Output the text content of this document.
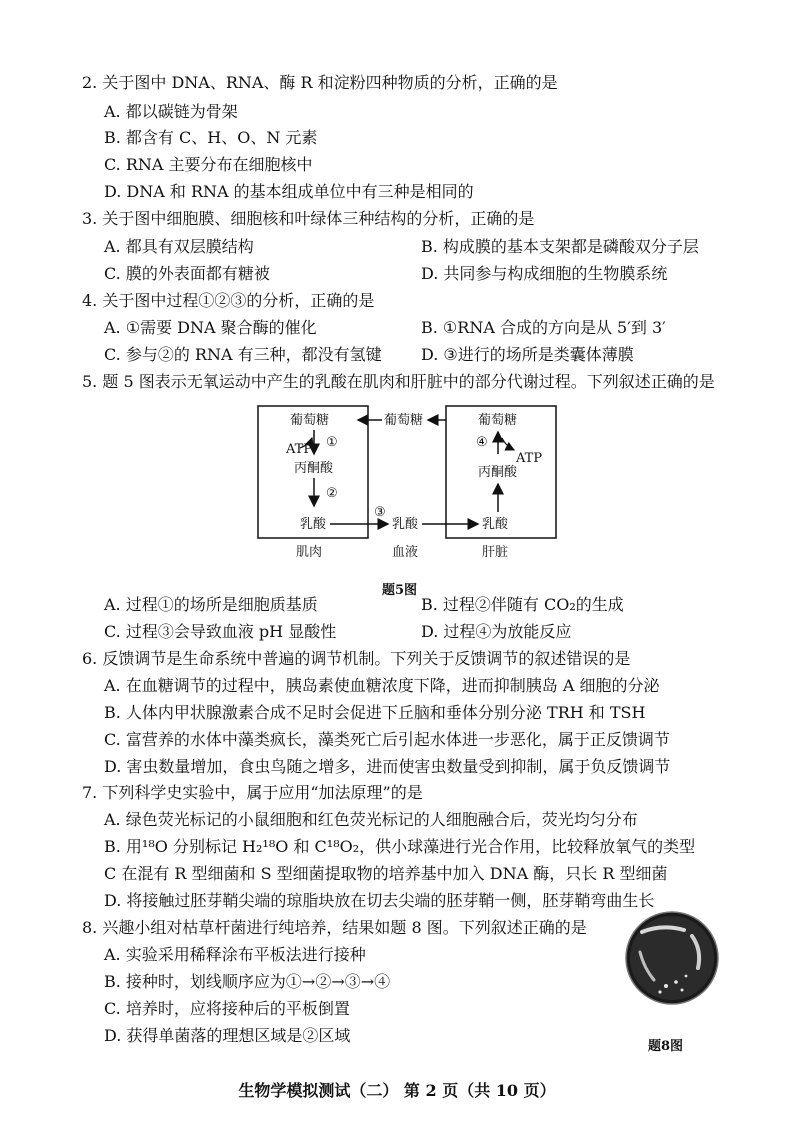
2. 关于图中 DNA、RNA、酶 R 和淀粉四种物质的分析，正确的是
A. 都以碳链为骨架
B. 都含有 C、H、O、N 元素
C. RNA 主要分布在细胞核中
D. DNA 和 RNA 的基本组成单位中有三种是相同的
3. 关于图中细胞膜、细胞核和叶绿体三种结构的分析，正确的是
A. 都具有双层膜结构	B. 构成膜的基本支架都是磷酸双分子层
C. 膜的外表面都有糖被	D. 共同参与构成细胞的生物膜系统
4. 关于图中过程①②③的分析，正确的是
A. ①需要 DNA 聚合酶的催化	B. ①RNA 合成的方向是从 5′到 3′
C. 参与②的 RNA 有三种，都没有氢键 D. ③进行的场所是类囊体薄膜
5. 题 5 图表示无氧运动中产生的乳酸在肌肉和肝脏中的部分代谢过程。下列叙述正确的是
葡萄糖
ATP ①
丙酮酸
②
乳酸
肌肉
葡萄糖
③
乳酸
血液
葡萄糖
④
ATP
丙酮酸
乳酸
肝脏
题5图
A. 过程①的场所是细胞质基质	B. 过程②伴随有 CO₂的生成
C. 过程③会导致血液 pH 显酸性	D. 过程④为放能反应
6. 反馈调节是生命系统中普遍的调节机制。下列关于反馈调节的叙述错误的是
A. 在血糖调节的过程中，胰岛素使血糖浓度下降，进而抑制胰岛 A 细胞的分泌
B. 人体内甲状腺激素合成不足时会促进下丘脑和垂体分别分泌 TRH 和 TSH
C. 富营养的水体中藻类疯长，藻类死亡后引起水体进一步恶化，属于正反馈调节
D. 害虫数量增加，食虫鸟随之增多，进而使害虫数量受到抑制，属于负反馈调节
7. 下列科学史实验中，属于应用“加法原理”的是
A. 绿色荧光标记的小鼠细胞和红色荧光标记的人细胞融合后，荧光均匀分布
B. 用¹⁸O 分别标记 H₂¹⁸O 和 C¹⁸O₂，供小球藻进行光合作用，比较释放氧气的类型
C 在混有 R 型细菌和 S 型细菌提取物的培养基中加入 DNA 酶，只长 R 型细菌
D. 将接触过胚芽鞘尖端的琼脂块放在切去尖端的胚芽鞘一侧，胚芽鞘弯曲生长
8. 兴趣小组对枯草杆菌进行纯培养，结果如题 8 图。下列叙述正确的是
A. 实验采用稀释涂布平板法进行接种
B. 接种时，划线顺序应为①→②→③→④
C. 培养时，应将接种后的平板倒置
D. 获得单菌落的理想区域是②区域
题8图
生物学模拟测试（二） 第 2 页（共 10 页）
